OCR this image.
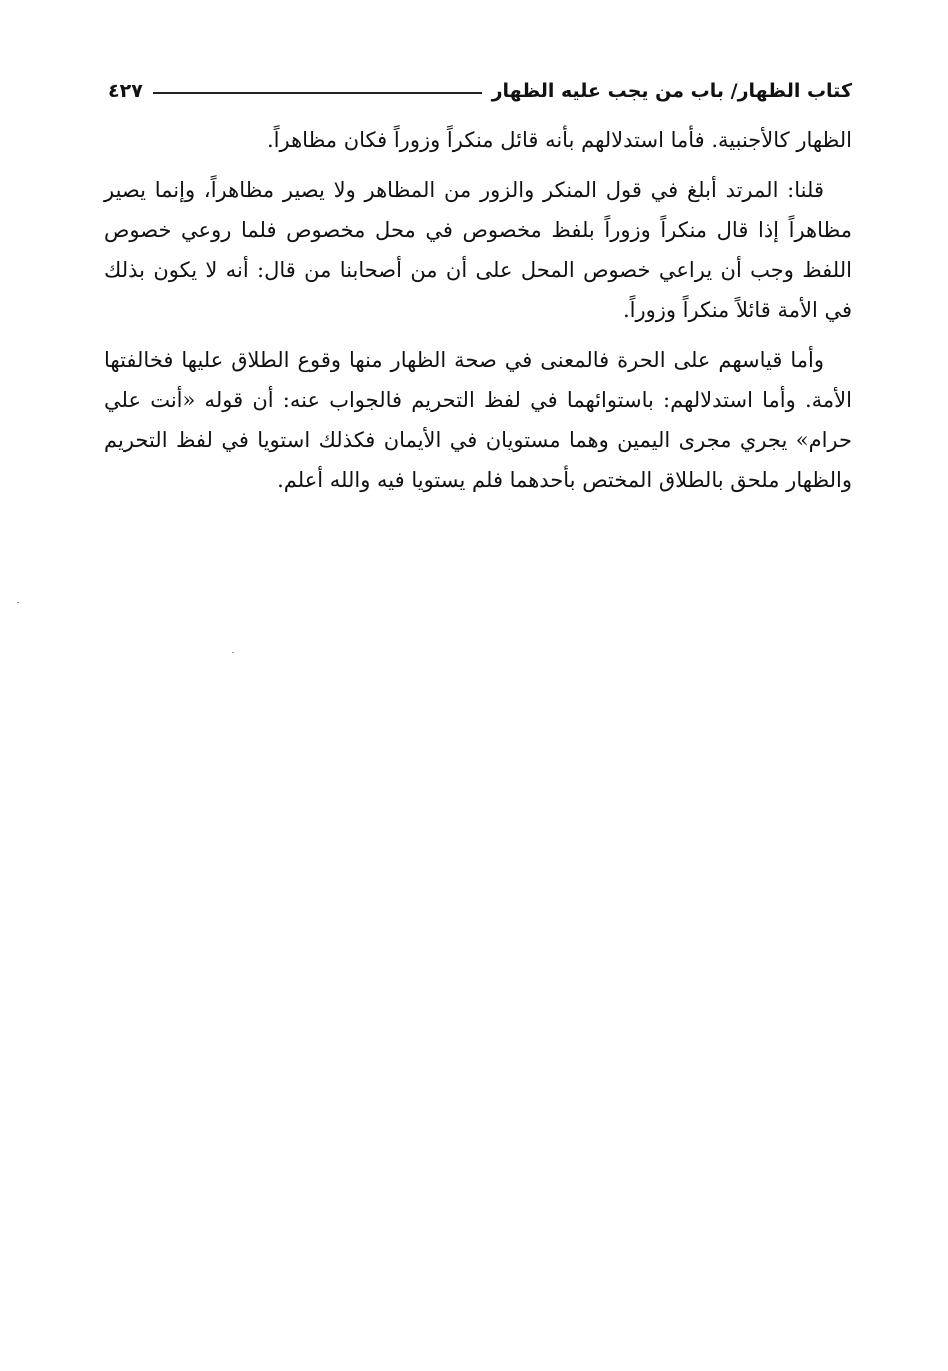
كتاب الظهار/ باب من يجب عليه الظهار
٤٢٧

الظهار كالأجنبية. فأما استدلالهم بأنه قائل منكراً وزوراً فكان مظاهراً.

قلنا: المرتد أبلغ في قول المنكر والزور من المظاهر ولا يصير مظاهراً، وإنما يصير مظاهراً إذا قال منكراً وزوراً بلفظ مخصوص في محل مخصوص فلما روعي خصوص اللفظ وجب أن يراعي خصوص المحل على أن من أصحابنا من قال: أنه لا يكون بذلك في الأمة قائلاً منكراً وزوراً.

وأما قياسهم على الحرة فالمعنى في صحة الظهار منها وقوع الطلاق عليها فخالفتها الأمة. وأما استدلالهم: باستوائهما في لفظ التحريم فالجواب عنه: أن قوله «أنت علي حرام» يجري مجرى اليمين وهما مستويان في الأيمان فكذلك استويا في لفظ التحريم والظهار ملحق بالطلاق المختص بأحدهما فلم يستويا فيه والله أعلم.
